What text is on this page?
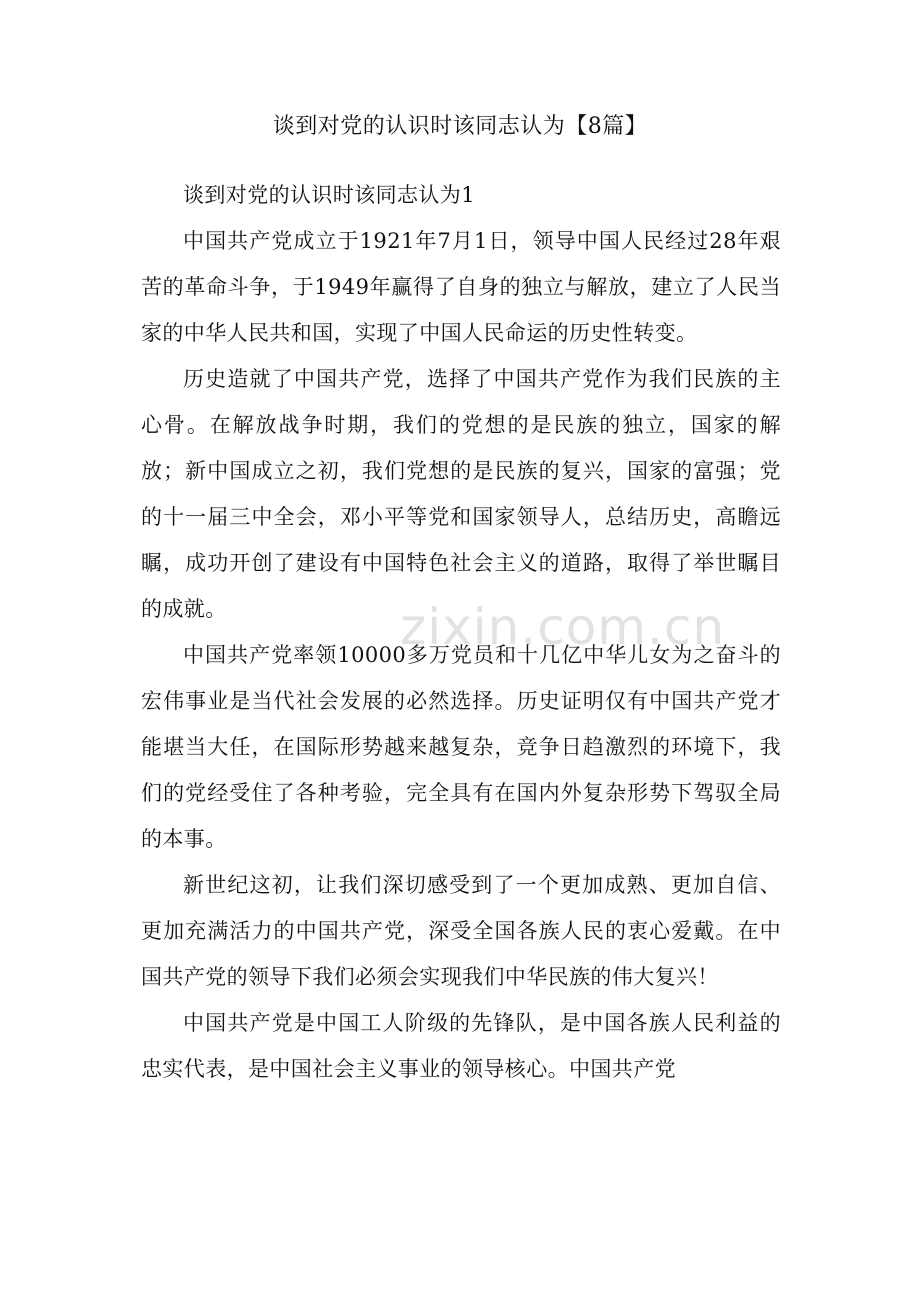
zixin.com.cn
谈到对党的认识时该同志认为【8篇】

谈到对党的认识时该同志认为1

中国共产党成立于1921年7月1日，领导中国人民经过28年艰苦的革命斗争，于1949年赢得了自身的独立与解放，建立了人民当家的中华人民共和国，实现了中国人民命运的历史性转变。

历史造就了中国共产党，选择了中国共产党作为我们民族的主心骨。在解放战争时期，我们的党想的是民族的独立，国家的解放；新中国成立之初，我们党想的是民族的复兴，国家的富强；党的十一届三中全会，邓小平等党和国家领导人，总结历史，高瞻远瞩，成功开创了建设有中国特色社会主义的道路，取得了举世瞩目的成就。

中国共产党率领10000多万党员和十几亿中华儿女为之奋斗的宏伟事业是当代社会发展的必然选择。历史证明仅有中国共产党才能堪当大任，在国际形势越来越复杂，竞争日趋激烈的环境下，我们的党经受住了各种考验，完全具有在国内外复杂形势下驾驭全局的本事。

新世纪这初，让我们深切感受到了一个更加成熟、更加自信、更加充满活力的中国共产党，深受全国各族人民的衷心爱戴。在中国共产党的领导下我们必须会实现我们中华民族的伟大复兴！

中国共产党是中国工人阶级的先锋队，是中国各族人民利益的忠实代表，是中国社会主义事业的领导核心。中国共产党
